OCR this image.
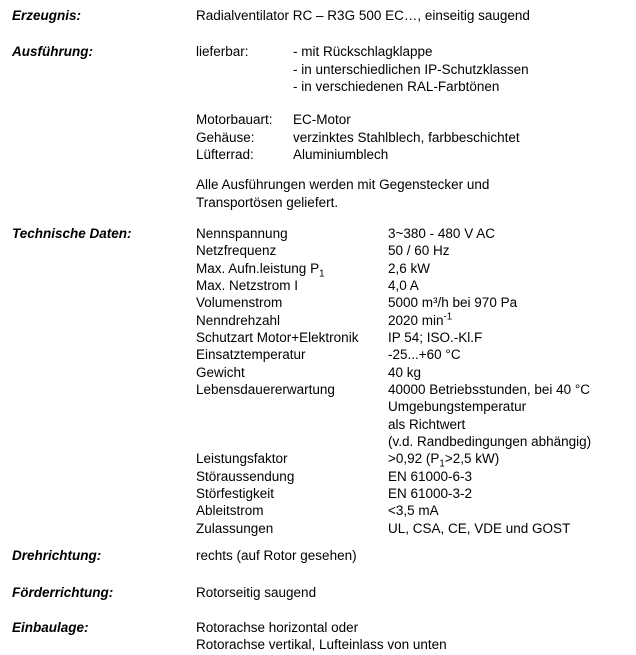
Erzeugnis:	Radialventilator RC – R3G 500 EC…, einseitig saugend
Ausführung:	lieferbar:	- mit Rückschlagklappe
- in unterschiedlichen IP-Schutzklassen
- in verschiedenen RAL-Farbtönen
Motorbauart:	EC-Motor
Gehäuse:	verzinktes Stahlblech, farbbeschichtet
Lüfterrad:	Aluminiumblech
Alle Ausführungen werden mit Gegenstecker und
Transportösen geliefert.
Technische Daten:	Nennspannung	3~380 - 480 V AC
Netzfrequenz	50 / 60 Hz
Max. Aufn.leistung $P_1$	2,6 kW
Max. Netzstrom I	4,0 A
Volumenstrom	5000 m³/h bei 970 Pa
Nenndrehzahl	2020 $\min^{-1}$
Schutzart Motor+Elektronik	IP 54; ISO.-Kl.F
Einsatztemperatur	-25...+60 °C
Gewicht	40 kg
Lebensdauererwartung	40000 Betriebsstunden, bei 40 °C
Umgebungstemperatur
als Richtwert
(v.d. Randbedingungen abhängig)
Leistungsfaktor	>0,92 ($P_1>2,5$ kW)
Störaussendung	EN 61000-6-3
Störfestigkeit	EN 61000-3-2
Ableitstrom	<3,5 mA
Zulassungen	UL, CSA, CE, VDE und GOST
Drehrichtung:	rechts (auf Rotor gesehen)
Förderrichtung:	Rotorseitig saugend
Einbaulage:	Rotorachse horizontal oder
Rotorachse vertikal, Lufteinlass von unten
